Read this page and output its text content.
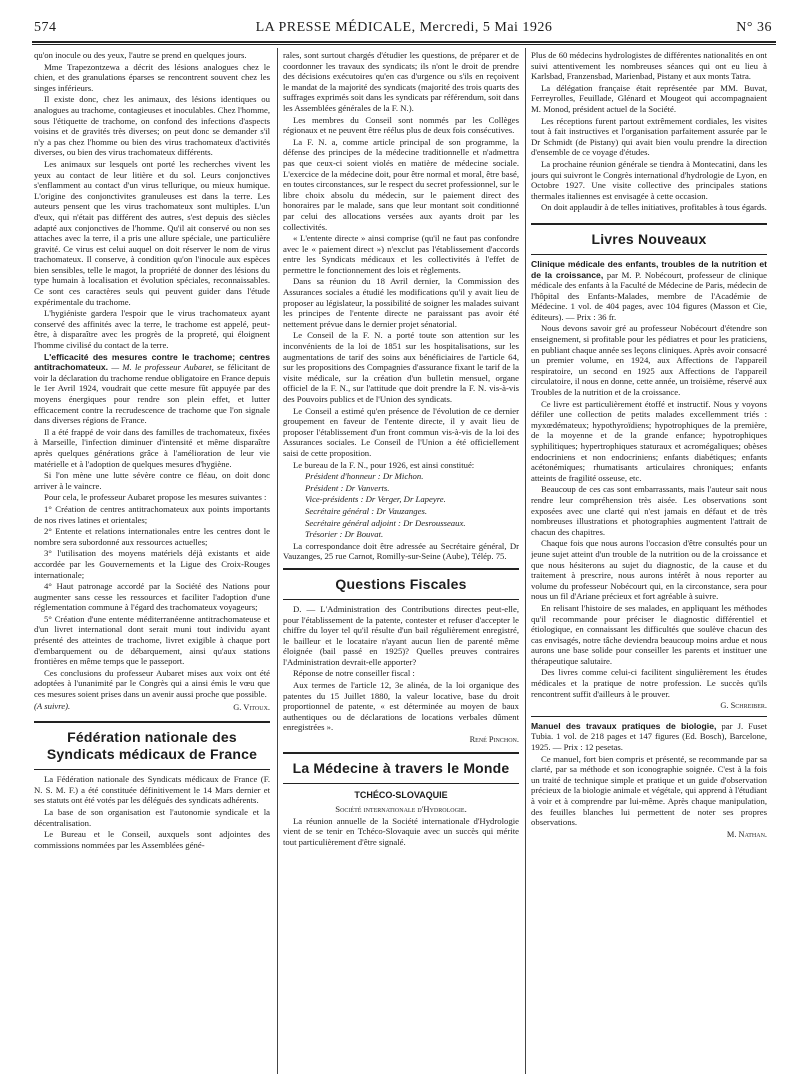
574	LA PRESSE MÉDICALE, Mercredi, 5 Mai 1926	N° 36

qu'on inocule ou des yeux, l'autre se prend en quelques jours.

Mme Trapezontzewa a décrit des lésions analogues chez le chien, et des granulations éparses se rencontrent souvent chez les singes inférieurs.

Il existe donc, chez les animaux, des lésions identiques ou analogues au trachome, contagieuses et inoculables. Chez l'homme, sous l'étiquette de trachome, on confond des infections d'aspects voisins et de gravités très diverses; on peut donc se demander s'il n'y a pas chez l'homme ou bien des virus trachomateux d'activités diverses, ou bien des virus trachomateux différents.

Les animaux sur lesquels ont porté les recherches vivent les yeux au contact de leur litière et du sol. Leurs conjonctives s'enflamment au contact d'un virus tellurique, ou mieux humique. L'origine des conjonctivites granuleuses est dans la terre. Les auteurs pensent que les virus trachomateux sont multiples. L'un d'eux, qui n'était pas différent des autres, s'est depuis des siècles adapté aux conjonctives de l'homme. Qu'il ait conservé ou non ses attaches avec la terre, il a pris une allure spéciale, une particulière gravité. Ce virus est celui auquel on doit réserver le nom de virus trachomateux. Il conserve, à condition qu'on l'inocule aux espèces bien sensibles, telle le magot, la propriété de donner des lésions du type humain à localisation et évolution spéciales, reconnaissables. Ce sont ces caractères seuls qui peuvent guider dans l'étude expérimentale du trachome.

L'hygiéniste gardera l'espoir que le virus trachomateux ayant conservé des affinités avec la terre, le trachome est appelé, peut-être, à disparaître avec les progrès de la propreté, qui éloignent l'homme civilisé du contact de la terre.

L'efficacité des mesures contre le trachome; centres antitrachomateux. — M. le professeur Aubaret, se félicitant de voir la déclaration du trachome rendue obligatoire en France depuis le 1er Avril 1924, voudrait que cette mesure fût appuyée par des moyens énergiques pour rendre son plein effet, et lutter efficacement contre la recrudescence de trachome que l'on signale dans diverses régions de France.

Il a été frappé de voir dans des familles de trachomateux, fixées à Marseille, l'infection diminuer d'intensité et même disparaître après quelques générations grâce à l'amélioration de leur vie matérielle et à l'adoption de quelques mesures d'hygiène.

Si l'on mène une lutte sévère contre ce fléau, on doit donc arriver à le vaincre.

Pour cela, le professeur Aubaret propose les mesures suivantes :

1° Création de centres antitrachomateux aux points importants de nos rives latines et orientales;

2° Entente et relations internationales entre les centres dont le nombre sera subordonné aux ressources actuelles;

3° l'utilisation des moyens matériels déjà existants et aide accordée par les Gouvernements et la Ligue des Croix-Rouges internationale;

4° Haut patronage accordé par la Société des Nations pour augmenter sans cesse les ressources et faciliter l'adoption d'une réglementation commune à l'égard des trachomateux voyageurs;

5° Création d'une entente méditerranéenne antitrachomateuse et d'un livret international dont serait muni tout individu ayant présenté des atteintes de trachome, livret exigible à chaque port d'embarquement ou de débarquement, ainsi qu'aux stations frontières en même temps que le passeport.

Ces conclusions du professeur Aubaret mises aux voix ont été adoptées à l'unanimité par le Congrès qui a ainsi émis le vœu que ces mesures soient prises dans un avenir aussi proche que possible.

(A suivre).	G. Vitoux.
Fédération nationale des Syndicats médicaux de France

La Fédération nationale des Syndicats médicaux de France (F. N. S. M. F.) a été constituée définitivement le 14 Mars dernier et ses statuts ont été votés par les délégués des syndicats adhérents.

La base de son organisation est l'autonomie syndicale et la décentralisation.

Le Bureau et le Conseil, auxquels sont adjointes des commissions nommées par les Assemblées géné-

rales, sont surtout chargés d'étudier les questions, de préparer et de coordonner les travaux des syndicats; ils n'ont le droit de prendre des décisions exécutoires qu'en cas d'urgence ou s'ils en reçoivent le mandat de la majorité des syndicats (majorité des trois quarts des suffrages exprimés soit dans les syndicats par référendum, soit dans les Assemblées générales de la F. N.).

Les membres du Conseil sont nommés par les Collèges régionaux et ne peuvent être réélus plus de deux fois consécutives.

La F. N. a, comme article principal de son programme, la défense des principes de la médecine traditionnelle et n'admettra pas que ceux-ci soient violés en matière de médecine sociale. L'exercice de la médecine doit, pour être normal et moral, être basé, en toutes circonstances, sur le respect du secret professionnel, sur le libre choix absolu du médecin, sur le paiement direct des honoraires par le malade, sans que leur montant soit conditionné par celui des allocations versées aux ayants droit par les collectivités.

« L'entente directe » ainsi comprise (qu'il ne faut pas confondre avec le « paiement direct ») n'exclut pas l'établissement d'accords entre les Syndicats médicaux et les collectivités à l'effet de permettre le fonctionnement des lois et règlements.

Dans sa réunion du 18 Avril dernier, la Commission des Assurances sociales a étudié les modifications qu'il y avait lieu de proposer au législateur, la possibilité de soigner les malades suivant les principes de l'entente directe ne paraissant pas avoir été nettement prévue dans le dernier projet sénatorial.

Le Conseil de la F. N. a porté toute son attention sur les inconvénients de la loi de 1851 sur les hospitalisations, sur les augmentations de tarif des soins aux bénéficiaires de l'article 64, sur les propositions des Compagnies d'assurance fixant le tarif de la visite médicale, sur la création d'un bulletin mensuel, organe officiel de la F. N., sur l'attitude que doit prendre la F. N. vis-à-vis des Pouvoirs publics et de l'Union des syndicats.

Le Conseil a estimé qu'en présence de l'évolution de ce dernier groupement en faveur de l'entente directe, il y avait lieu de proposer l'établissement d'un front commun vis-à-vis de la loi des Assurances sociales. Le Conseil de l'Union a été officiellement saisi de cette proposition.

Le bureau de la F. N., pour 1926, est ainsi constitué:

Président d'honneur : Dr Michon.

Président : Dr Vanverts.

Vice-présidents : Dr Verger, Dr Lapeyre.

Secrétaire général : Dr Vauzanges.

Secrétaire général adjoint : Dr Desrousseaux.

Trésorier : Dr Bouvat.

La correspondance doit être adressée au Secrétaire général, Dr Vauzanges, 25 rue Carnot, Romilly-sur-Seine (Aube), Télép. 75.

Questions Fiscales

D. — L'Administration des Contributions directes peut-elle, pour l'établissement de la patente, contester et refuser d'accepter le chiffre du loyer tel qu'il résulte d'un bail régulièrement enregistré, le bailleur et le locataire n'ayant aucun lien de parenté même éloignée (bail passé en 1925)? Quelles preuves contraires l'Administration devrait-elle apporter?

Réponse de notre conseiller fiscal :

Aux termes de l'article 12, 3e alinéa, de la loi organique des patentes du 15 Juillet 1880, la valeur locative, base du droit proportionnel de patente, « est déterminée au moyen de baux authentiques ou de déclarations de locations verbales dûment enregistrées ».

René Pinchon.

La Médecine à travers le Monde
TCHÉCO-SLOVAQUIE

Société internationale d'Hydrologie.

La réunion annuelle de la Société internationale d'Hydrologie vient de se tenir en Tchéco-Slovaquie avec un succès qui mérite tout particulièrement d'être signalé.

Plus de 60 médecins hydrologistes de différentes nationalités en ont suivi attentivement les nombreuses séances qui ont eu lieu à Karlsbad, Franzensbad, Marienbad, Pistany et aux monts Tatra.

La délégation française était représentée par MM. Buvat, Ferreyrolles, Feuillade, Glénard et Mougeot qui accompagnaient M. Monod, président actuel de la Société.

Les réceptions furent partout extrêmement cordiales, les visites tout à fait instructives et l'organisation parfaitement assurée par le Dr Schmidt (de Pistany) qui avait bien voulu prendre la direction d'ensemble de ce voyage d'études.

La prochaine réunion générale se tiendra à Montecatini, dans les jours qui suivront le Congrès international d'hydrologie de Lyon, en Octobre 1927. Une visite collective des principales stations thermales italiennes est envisagée à cette occasion.

On doit applaudir à de telles initiatives, profitables à tous égards.

Livres Nouveaux

Clinique médicale des enfants, troubles de la nutrition et de la croissance, par M. P. Nobécourt, professeur de clinique médicale des enfants à la Faculté de Médecine de Paris, médecin de l'hôpital des Enfants-Malades, membre de l'Académie de Médecine. 1 vol. de 404 pages, avec 104 figures (Masson et Cie, éditeurs). — Prix : 36 fr.

Nous devons savoir gré au professeur Nobécourt d'étendre son enseignement, si profitable pour les pédiatres et pour les praticiens, en publiant chaque année ses leçons cliniques. Après avoir consacré un premier volume, en 1924, aux Affections de l'appareil respiratoire, un second en 1925 aux Affections de l'appareil circulatoire, il nous en donne, cette année, un troisième, réservé aux Troubles de la nutrition et de la croissance.

Ce livre est particulièrement étoffé et instructif. Nous y voyons défiler une collection de petits malades excellemment triés : myxœdémateux; hypothyroïdiens; hypotrophiques de la première, de la moyenne et de la grande enfance; hypotrophiques syphilitiques; hypertrophiques staturaux et acromégaliques; obèses endocriniens et non endocriniens; enfants diabétiques; enfants acétonémiques; rhumatisants articulaires chroniques; enfants atteints de fragilité osseuse, etc.

Beaucoup de ces cas sont embarrassants, mais l'auteur sait nous rendre leur compréhension très aisée. Les observations sont exposées avec une clarté qui n'est jamais en défaut et de très nombreuses illustrations et photographies augmentent l'attrait de chacun des chapitres.

Chaque fois que nous aurons l'occasion d'être consultés pour un jeune sujet atteint d'un trouble de la nutrition ou de la croissance et que nous hésiterons au sujet du diagnostic, de la cause et du traitement à prescrire, nous aurons intérêt à nous reporter au volume du professeur Nobécourt qui, en la circonstance, sera pour nous un fil d'Ariane précieux et fort agréable à suivre.

En relisant l'histoire de ses malades, en appliquant les méthodes qu'il recommande pour préciser le diagnostic différentiel et étiologique, en connaissant les difficultés que soulève chacun des cas envisagés, notre tâche deviendra beaucoup moins ardue et nous aurons une base solide pour conseiller les parents et instituer une thérapeutique salutaire.

Des livres comme celui-ci facilitent singulièrement les études médicales et la pratique de notre profession. Le succès qu'ils rencontrent suffit d'ailleurs à le prouver.

G. Schreiber.

Manuel des travaux pratiques de biologie, par J. Fuset Tubia. 1 vol. de 218 pages et 147 figures (Ed. Bosch), Barcelone, 1925. — Prix : 12 pesetas.

Ce manuel, fort bien compris et présenté, se recommande par sa clarté, par sa méthode et son iconographie soignée. C'est à la fois un traité de technique simple et pratique et un guide d'observation précieux de la biologie animale et végétale, qui apprend à l'étudiant à voir et à comprendre par lui-même. Après chaque manipulation, des feuilles blanches lui permettent de noter ses propres observations.

M. Nathan.
